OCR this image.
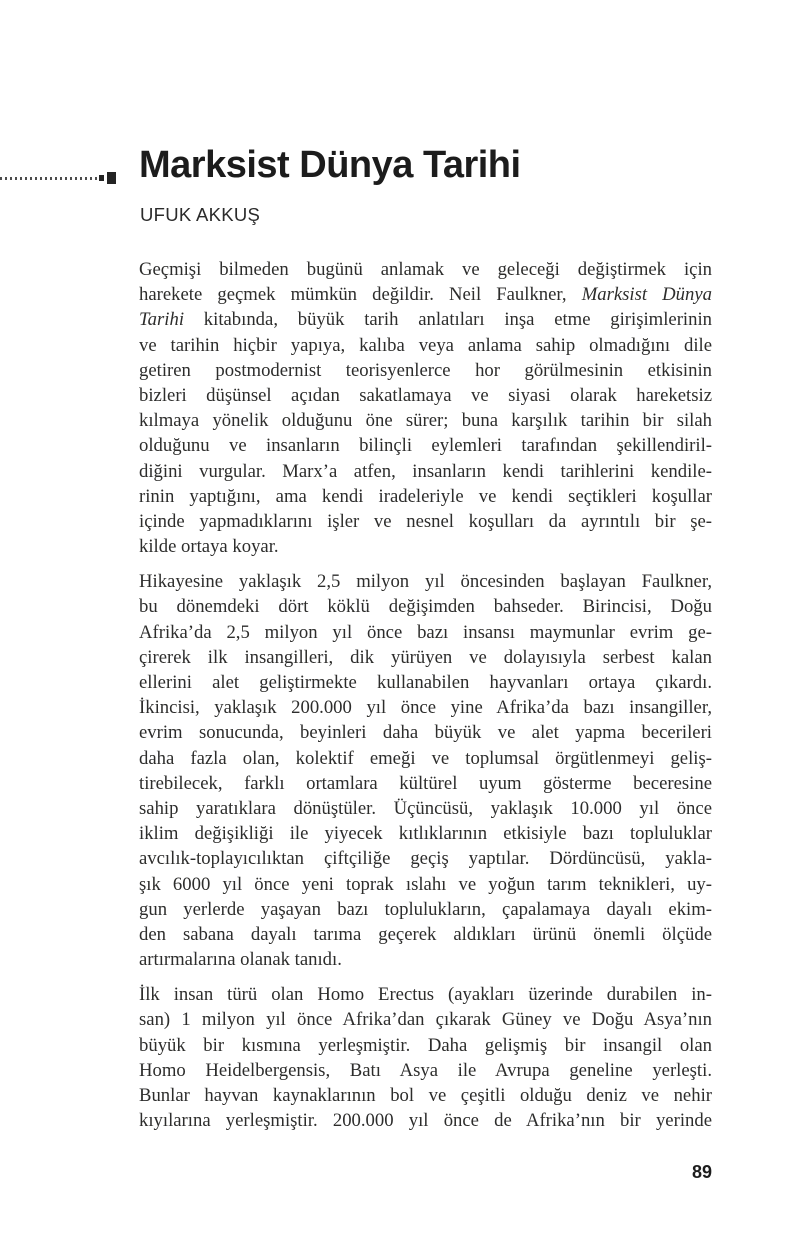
Marksist Dünya Tarihi
UFUK AKKUŞ
Geçmişi bilmeden bugünü anlamak ve geleceği değiştirmek için
harekete geçmek mümkün değildir. Neil Faulkner, Marksist Dünya
Tarihi kitabında, büyük tarih anlatıları inşa etme girişimlerinin
ve tarihin hiçbir yapıya, kalıba veya anlama sahip olmadığını dile
getiren postmodernist teorisyenlerce hor görülmesinin etkisinin
bizleri düşünsel açıdan sakatlamaya ve siyasi olarak hareketsiz
kılmaya yönelik olduğunu öne sürer; buna karşılık tarihin bir silah
olduğunu ve insanların bilinçli eylemleri tarafından şekillendiril-
diğini vurgular. Marx’a atfen, insanların kendi tarihlerini kendile-
rinin yaptığını, ama kendi iradeleriyle ve kendi seçtikleri koşullar
içinde yapmadıklarını işler ve nesnel koşulları da ayrıntılı bir şe-
kilde ortaya koyar.
Hikayesine yaklaşık 2,5 milyon yıl öncesinden başlayan Faulkner,
bu dönemdeki dört köklü değişimden bahseder. Birincisi, Doğu
Afrika’da 2,5 milyon yıl önce bazı insansı maymunlar evrim ge-
çirerek ilk insangilleri, dik yürüyen ve dolayısıyla serbest kalan
ellerini alet geliştirmekte kullanabilen hayvanları ortaya çıkardı.
İkincisi, yaklaşık 200.000 yıl önce yine Afrika’da bazı insangiller,
evrim sonucunda, beyinleri daha büyük ve alet yapma becerileri
daha fazla olan, kolektif emeği ve toplumsal örgütlenmeyi geliş-
tirebilecek, farklı ortamlara kültürel uyum gösterme beceresine
sahip yaratıklara dönüştüler. Üçüncüsü, yaklaşık 10.000 yıl önce
iklim değişikliği ile yiyecek kıtlıklarının etkisiyle bazı topluluklar
avcılık-toplayıcılıktan çiftçiliğe geçiş yaptılar. Dördüncüsü, yakla-
şık 6000 yıl önce yeni toprak ıslahı ve yoğun tarım teknikleri, uy-
gun yerlerde yaşayan bazı toplulukların, çapalamaya dayalı ekim-
den sabana dayalı tarıma geçerek aldıkları ürünü önemli ölçüde
artırmalarına olanak tanıdı.
İlk insan türü olan Homo Erectus (ayakları üzerinde durabilen in-
san) 1 milyon yıl önce Afrika’dan çıkarak Güney ve Doğu Asya’nın
büyük bir kısmına yerleşmiştir. Daha gelişmiş bir insangil olan
Homo Heidelbergensis, Batı Asya ile Avrupa geneline yerleşti.
Bunlar hayvan kaynaklarının bol ve çeşitli olduğu deniz ve nehir
kıyılarına yerleşmiştir. 200.000 yıl önce de Afrika’nın bir yerinde
89
